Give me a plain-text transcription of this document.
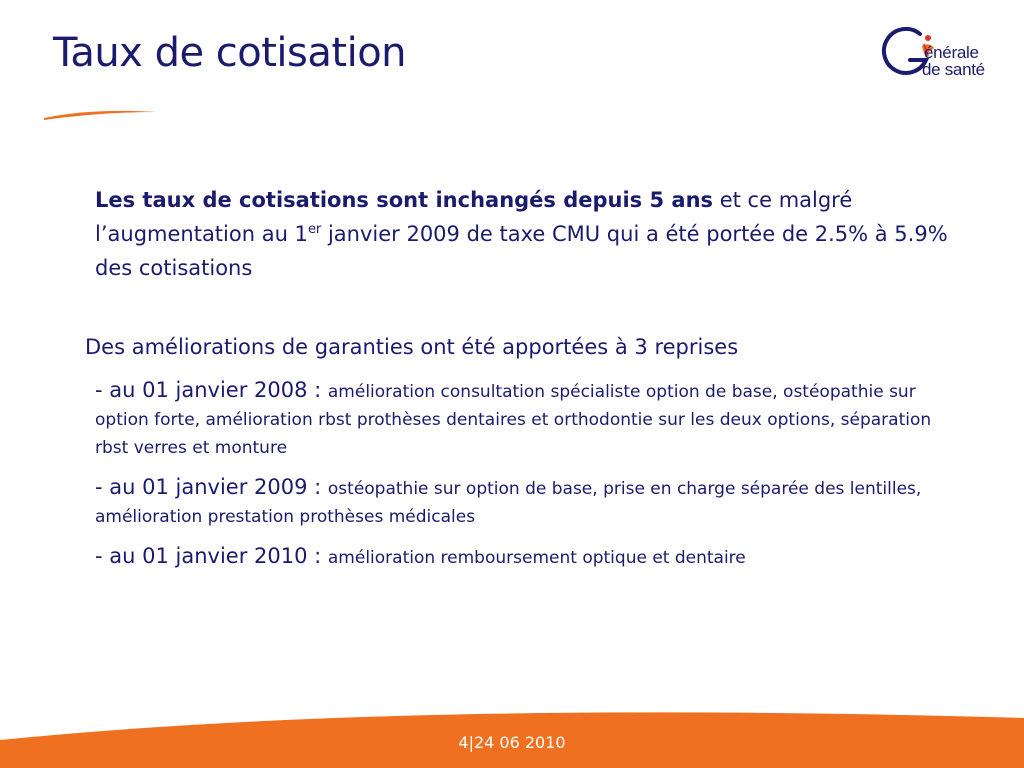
Taux de cotisation	énérale
de santé
Les taux de cotisations sont inchangés depuis 5 ans et ce malgré l’augmentation au 1er janvier 2009 de taxe CMU qui a été portée de 2.5% à 5.9% des cotisations
Des améliorations de garanties ont été apportées à 3 reprises
- au 01 janvier 2008 : amélioration consultation spécialiste option de base, ostéopathie sur option forte, amélioration rbst prothèses dentaires et orthodontie sur les deux options, séparation rbst verres et monture
- au 01 janvier 2009 : ostéopathie sur option de base, prise en charge séparée des lentilles, amélioration prestation prothèses médicales
- au 01 janvier 2010 : amélioration remboursement optique et dentaire
4|24 06 2010
